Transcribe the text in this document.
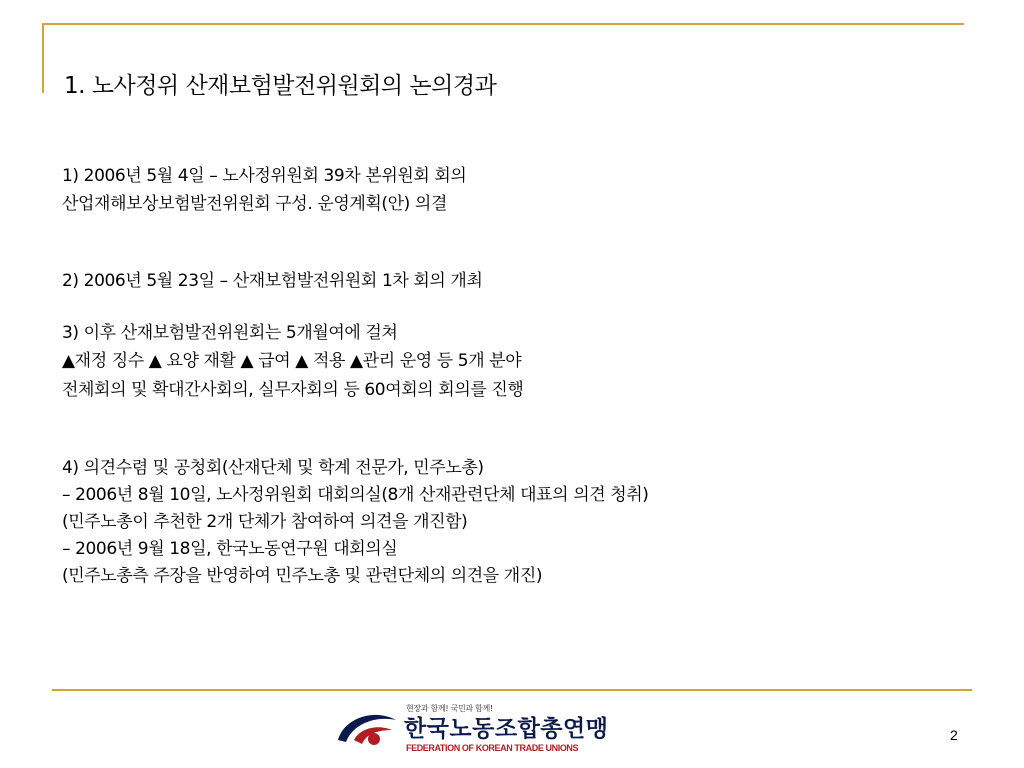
1. 노사정위 산재보험발전위원회의 논의경과
1) 2006년 5월 4일 – 노사정위원회 39차 본위원회 회의
산업재해보상보험발전위원회 구성. 운영계획(안) 의결
2) 2006년 5월 23일 – 산재보험발전위원회 1차 회의 개최
3) 이후 산재보험발전위원회는 5개월여에 걸쳐
▲재정 징수 ▲ 요양 재활 ▲ 급여 ▲ 적용 ▲관리 운영 등 5개 분야
전체회의 및 확대간사회의, 실무자회의 등 60여회의 회의를 진행
4) 의견수렴 및 공청회(산재단체 및 학계 전문가, 민주노총)
– 2006년 8월 10일, 노사정위원회 대회의실(8개 산재관련단체 대표의 의견 청취)
(민주노총이 추천한 2개 단체가 참여하여 의견을 개진함)
– 2006년 9월 18일, 한국노동연구원 대회의실
(민주노총측 주장을 반영하여 민주노총 및 관련단체의 의견을 개진)
현장과 함께! 국민과 함께!
한국노동조합총연맹
FEDERATION OF KOREAN TRADE UNIONS
2
